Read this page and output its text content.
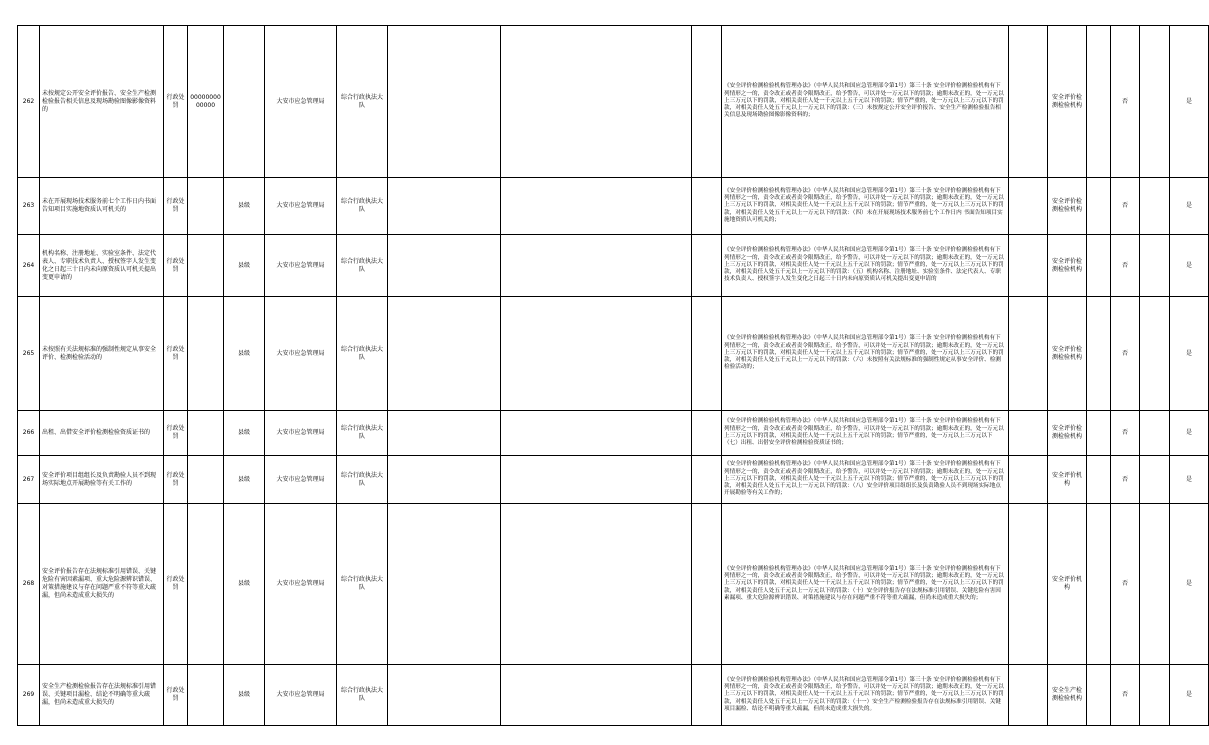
262	未按规定公开安全评价报告、安全生产检测检验报告相关信息及现场勘验图像影像资料的	行政处罚	0000000000000		大安市应急管理局	综合行政执法大队				《安全评价检测检验机构管理办法》（中华人民共和国应急管理部令第1号）第三十条 安全评价检测检验机构有下列情形之一的，责令改正或者责令限期改正，给予警告，可以并处一万元以下的罚款；逾期未改正的，处一万元以上三万元以下的罚款，对相关责任人处一千元以上五千元以下的罚款；情节严重的，处一万元以上三万元以下的罚款，对相关责任人处五千元以上一万元以下的罚款：（三）未按规定公开安全评价报告、安全生产检测检验报告相关信息及现场勘验图像影像资料的；		安全评价检测检验机构		否		是
263	未在开展现场技术服务前七个工作日内书面告知项目实施地资质认可机关的	行政处罚		县级	大安市应急管理局	综合行政执法大队				《安全评价检测检验机构管理办法》（中华人民共和国应急管理部令第1号）第三十条 安全评价检测检验机构有下列情形之一的，责令改正或者责令限期改正，给予警告，可以并处一万元以下的罚款；逾期未改正的，处一万元以上三万元以下的罚款，对相关责任人处一千元以上五千元以下的罚款；情节严重的，处一万元以上三万元以下的罚款，对相关责任人处五千元以上一万元以下的罚款：（四）未在开展现场技术服务前七个工作日内 书面告知项目实施地资质认可机关的；		安全评价检测检验机构		否		是
264	机构名称、注册地址、实验室条件、法定代表人、专职技术负责人、授权签字人发生变化之日起三十日内未向原资质认可机关提出变更申请的	行政处罚		县级	大安市应急管理局	综合行政执法大队				《安全评价检测检验机构管理办法》（中华人民共和国应急管理部令第1号）第三十条 安全评价检测检验机构有下列情形之一的，责令改正或者责令限期改正，给予警告，可以并处一万元以下的罚款；逾期未改正的，处一万元以上三万元以下的罚款，对相关责任人处一千元以上五千元以下的罚款；情节严重的，处一万元以上三万元以下的罚款，对相关责任人处五千元以上一万元以下的罚款：（五）机构名称、注册地址、实验室条件、法定代表人、专职技术负责人、授权签字人发生变化之日起三十日内未向原资质认可机关提出变更申请的		安全评价检测检验机构		否		是
265	未按照有关法规标准的强制性规定从事安全评价、检测检验活动的	行政处罚		县级	大安市应急管理局	综合行政执法大队				《安全评价检测检验机构管理办法》（中华人民共和国应急管理部令第1号）第三十条 安全评价检测检验机构有下列情形之一的，责令改正或者责令限期改正，给予警告，可以并处一万元以下的罚款；逾期未改正的，处一万元以上三万元以下的罚款，对相关责任人处一千元以上五千元以下的罚款；情节严重的，处一万元以上三万元以下的罚款，对相关责任人处五千元以上一万元以下的罚款：（六）未按照有关法规标准的强制性规定从事安全评价、检测检验活动的；		安全评价检测检验机构		否		是
266	出租、出借安全评价检测检验资质证书的	行政处罚		县级	大安市应急管理局	综合行政执法大队				《安全评价检测检验机构管理办法》（中华人民共和国应急管理部令第1号）第三十条 安全评价检测检验机构有下列情形之一的，责令改正或者责令限期改正，给予警告，可以并处一万元以下的罚款；逾期未改正的，处一万元以上三万元以下的罚款，对相关责任人处一千元以上五千元以下的罚款；情节严重的，处一万元以上三万元以下（七）出租、出借安全评价检测检验资质证书的；		安全评价检测检验机构		否		是
267	安全评价项目组组长及负责勘验人员不到现场实际地点开展勘验等有关工作的	行政处罚		县级	大安市应急管理局	综合行政执法大队				《安全评价检测检验机构管理办法》（中华人民共和国应急管理部令第1号）第三十条 安全评价检测检验机构有下列情形之一的，责令改正或者责令限期改正，给予警告，可以并处一万元以下的罚款；逾期未改正的，处一万元以上三万元以下的罚款，对相关责任人处一千元以上五千元以下的罚款；情节严重的，处一万元以上三万元以下的罚款，对相关责任人处五千元以上一万元以下的罚款：（八）安全评价项目组组长及负责勘验人员不到现场实际地点开展勘验等有关工作的；		安全评价机构		否		是
268	安全评价报告存在法规标准引用错误、关键危险有害因素漏项、重大危险源辨识错误、对策措施建议与存在问题严重不符等重大疏漏，但尚未造成重大损失的	行政处罚		县级	大安市应急管理局	综合行政执法大队				《安全评价检测检验机构管理办法》（中华人民共和国应急管理部令第1号）第三十条 安全评价检测检验机构有下列情形之一的，责令改正或者责令限期改正，给予警告，可以并处一万元以下的罚款；逾期未改正的，处一万元以上三万元以下的罚款，对相关责任人处一千元以上五千元以下的罚款；情节严重的，处一万元以上三万元以下的罚款，对相关责任人处五千元以上一万元以下的罚款：（十）安全评价报告存在法规标准引用错误、关键危险有害因素漏项、重大危险源辨识错误、对策措施建议与存在问题严重不符等重大疏漏，但尚未造成重大损失的；		安全评价机构		否		是
269	安全生产检测检验报告存在法规标准引用错误、关键项目漏检、结论不明确等重大疏漏，但尚未造成重大损失的	行政处罚		县级	大安市应急管理局	综合行政执法大队				《安全评价检测检验机构管理办法》（中华人民共和国应急管理部令第1号）第三十条 安全评价检测检验机构有下列情形之一的，责令改正或者责令限期改正，给予警告，可以并处一万元以下的罚款；逾期未改正的，处一万元以上三万元以下的罚款，对相关责任人处一千元以上五千元以下的罚款；情节严重的，处一万元以上三万元以下的罚款，对相关责任人处五千元以上一万元以下的罚款：（十一）安全生产检测检验报告存在法规标准引用错误、关键项目漏检、结论不明确等重大疏漏，但尚未造成重大损失的。		安全生产检测检验机构		否		是
